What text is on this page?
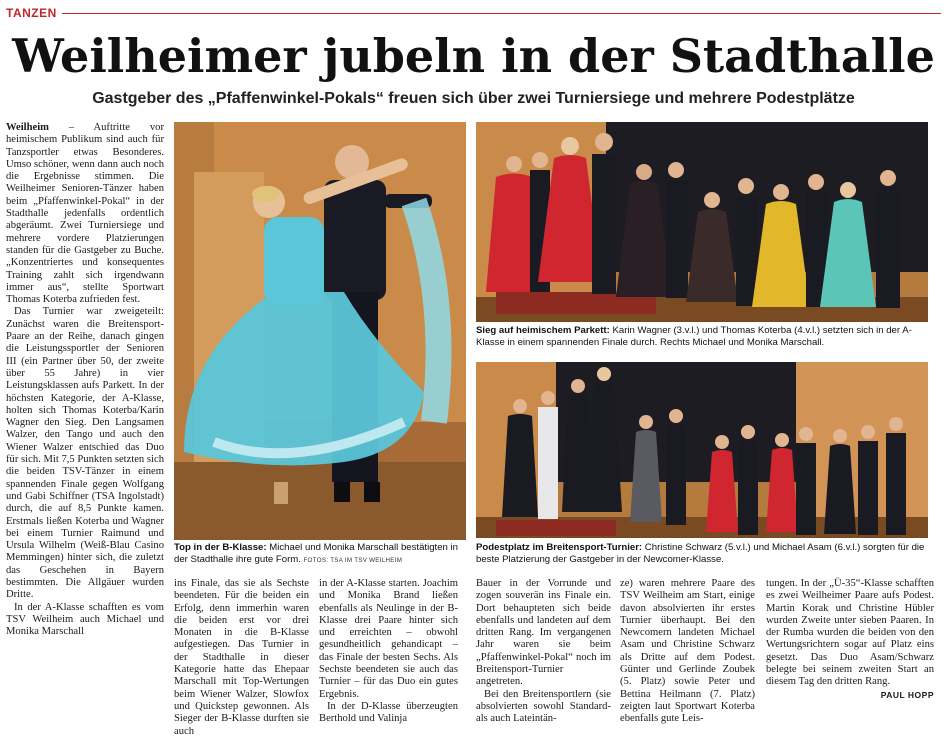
TANZEN
Weilheimer jubeln in der Stadthalle
Gastgeber des „Pfaffenwinkel-Pokals“ freuen sich über zwei Turniersiege und mehrere Podestplätze

Weilheim – Auftritte vor heimischem Publikum sind auch für Tanzsportler etwas Besonderes. Umso schöner, wenn dann auch noch die Ergebnisse stimmen. Die Weilheimer Senioren-Tänzer haben beim „Pfaffenwinkel-Pokal“ in der Stadthalle jedenfalls ordentlich abgeräumt. Zwei Turniersiege und mehrere vordere Platzierungen standen für die Gastgeber zu Buche. „Konzentriertes und konsequentes Training zahlt sich irgendwann immer aus“, stellte Sportwart Thomas Koterba zufrieden fest.

Das Turnier war zweigeteilt: Zunächst waren die Breitensport-Paare an der Reihe, danach gingen die Leistungssportler der Senioren III (ein Partner über 50, der zweite über 55 Jahre) in vier Leistungsklassen aufs Parkett. In der höchsten Kategorie, der A-Klasse, holten sich Thomas Koterba/Karin Wagner den Sieg. Den Langsamen Walzer, den Tango und auch den Wiener Walzer entschied das Duo für sich. Mit 7,5 Punkten setzten sich die beiden TSV-Tänzer in einem spannenden Finale gegen Wolfgang und Gabi Schiffner (TSA Ingolstadt) durch, die auf 8,5 Punkte kamen. Erstmals ließen Koterba und Wagner bei einem Turnier Raimund und Ursula Wilhelm (Weiß-Blau Casino Memmingen) hinter sich, die zuletzt das Geschehen in Bayern bestimmten. Die Allgäuer wurden Dritte.

In der A-Klasse schafften es vom TSV Weilheim auch Michael und Monika Marschall

Top in der B-Klasse: Michael und Monika Marschall bestätigten in der Stadthalle ihre gute Form. FOTOS: TSA IM TSV WEILHEIM
Sieg auf heimischem Parkett: Karin Wagner (3.v.l.) und Thomas Koterba (4.v.l.) setzten sich in der A-Klasse in einem spannenden Finale durch. Rechts Michael und Monika Marschall.
Podestplatz im Breitensport-Turnier: Christine Schwarz (5.v.l.) und Michael Asam (6.v.l.) sorgten für die beste Platzierung der Gastgeber in der Newcomer-Klasse.

ins Finale, das sie als Sechste beendeten. Für die beiden ein Erfolg, denn immerhin waren die beiden erst vor drei Monaten in die B-Klasse aufgestiegen. Das Turnier in der Stadthalle in dieser Kategorie hatte das Ehepaar Marschall mit Top-Wertungen beim Wiener Walzer, Slowfox und Quickstep gewonnen. Als Sieger der B-Klasse durften sie auch

in der A-Klasse starten. Joachim und Monika Brand ließen ebenfalls als Neulinge in der B-Klasse drei Paare hinter sich und erreichten – obwohl gesundheitlich gehandicapt – das Finale der besten Sechs. Als Sechste beendeten sie auch das Turnier – für das Duo ein gutes Ergebnis.

In der D-Klasse überzeugten Berthold und Valinja

Bauer in der Vorrunde und zogen souverän ins Finale ein. Dort behaupteten sich beide ebenfalls und landeten auf dem dritten Rang. Im vergangenen Jahr waren sie beim „Pfaffenwinkel-Pokal“ noch im Breitensport-Turnier angetreten.

Bei den Breitensportlern (sie absolvierten sowohl Standard- als auch Lateintän-

ze) waren mehrere Paare des TSV Weilheim am Start, einige davon absolvierten ihr erstes Turnier überhaupt. Bei den Newcomern landeten Michael Asam und Christine Schwarz als Dritte auf dem Podest. Günter und Gerlinde Zoubek (5. Platz) sowie Peter und Bettina Heilmann (7. Platz) zeigten laut Sportwart Koterba ebenfalls gute Leis-

tungen. In der „Ü-35“-Klasse schafften es zwei Weilheimer Paare aufs Podest. Martin Korak und Christine Hübler wurden Zweite unter sieben Paaren. In der Rumba wurden die beiden von den Wertungsrichtern sogar auf Platz eins gesetzt. Das Duo Asam/Schwarz belegte bei seinem zweiten Start an diesem Tag den dritten Rang.

PAUL HOPP
